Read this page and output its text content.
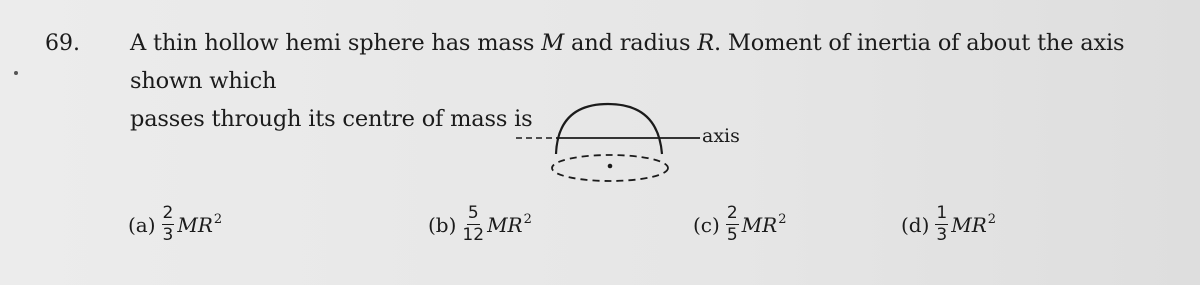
69. A thin hollow hemi sphere has mass M and radius R. Moment of inertia of about the axis shown which
passes through its centre of mass is
axis
$(a) \frac{2}{3} MR^2$	$(b) \frac{5}{12} MR^2$	$(c) \frac{2}{5} MR^2$	$(d) \frac{1}{3} MR^2$
